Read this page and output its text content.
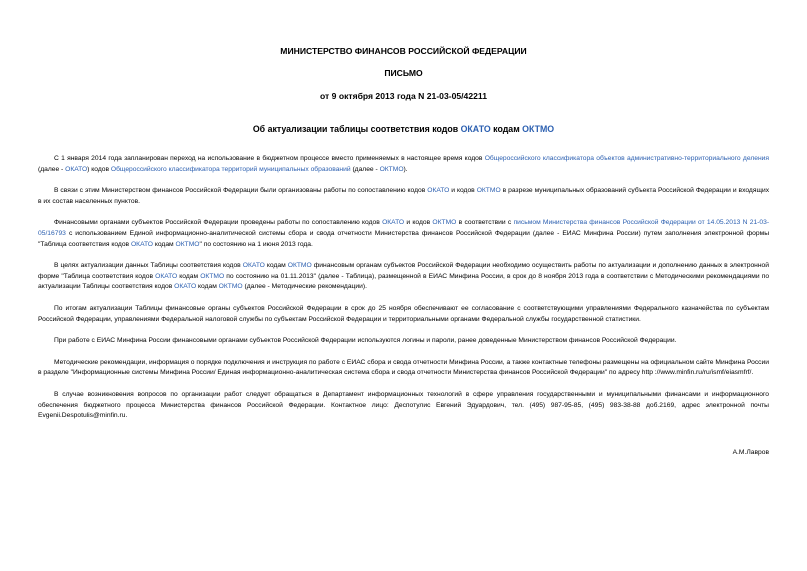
МИНИСТЕРСТВО ФИНАНСОВ РОССИЙСКОЙ ФЕДЕРАЦИИ
ПИСЬМО
от 9 октября 2013 года N 21-03-05/42211
Об актуализации таблицы соответствия кодов ОКАТО кодам ОКТМО

С 1 января 2014 года запланирован переход на использование в бюджетном процессе вместо применяемых в настоящее время кодов Общероссийского классификатора объектов административно-территориального деления (далее - ОКАТО) кодов Общероссийского классификатора территорий муниципальных образований (далее - ОКТМО).

В связи с этим Министерством финансов Российской Федерации были организованы работы по сопоставлению кодов ОКАТО и кодов ОКТМО в разрезе муниципальных образований субъекта Российской Федерации и входящих в их состав населенных пунктов.

Финансовыми органами субъектов Российской Федерации проведены работы по сопоставлению кодов ОКАТО и кодов ОКТМО в соответствии с письмом Министерства финансов Российской Федерации от 14.05.2013 N 21-03-05/16793 с использованием Единой информационно-аналитической системы сбора и свода отчетности Министерства финансов Российской Федерации (далее - ЕИАС Минфина России) путем заполнения электронной формы "Таблица соответствия кодов ОКАТО кодам ОКТМО" по состоянию на 1 июня 2013 года.

В целях актуализации данных Таблицы соответствия кодов ОКАТО кодам ОКТМО финансовым органам субъектов Российской Федерации необходимо осуществить работы по актуализации и дополнению данных в электронной форме "Таблица соответствия кодов ОКАТО кодам ОКТМО по состоянию на 01.11.2013" (далее - Таблица), размещенной в ЕИАС Минфина России, в срок до 8 ноября 2013 года в соответствии с Методическими рекомендациями по актуализации Таблицы соответствия кодов ОКАТО кодам ОКТМО (далее - Методические рекомендации).

По итогам актуализации Таблицы финансовые органы субъектов Российской Федерации в срок до 25 ноября обеспечивают ее согласование с соответствующими управлениями Федерального казначейства по субъектам Российской Федерации, управлениями Федеральной налоговой службы по субъектам Российской Федерации и территориальными органами Федеральной службы государственной статистики.

При работе с ЕИАС Минфина России финансовыми органами субъектов Российской Федерации используются логины и пароли, ранее доведенные Министерством финансов Российской Федерации.

Методические рекомендации, информация о порядке подключения и инструкция по работе с ЕИАС сбора и свода отчетности Минфина России, а также контактные телефоны размещены на официальном сайте Минфина России в разделе "Информационные системы Минфина России/ Единая информационно-аналитическая система сбора и свода отчетности Министерства финансов Российской Федерации" по адресу http ://www.minfin.ru/ru/ismf/eiasmfrf/.

В случае возникновения вопросов по организации работ следует обращаться в Департамент информационных технологий в сфере управления государственными и муниципальными финансами и информационного обеспечения бюджетного процесса Министерства финансов Российской Федерации. Контактное лицо: Деспотулис Евгений Эдуардович, тел. (495) 987-95-85, (495) 983-38-88 доб.2169, адрес электронной почты Evgenii.Despotulis@minfin.ru.

А.М.Лавров
